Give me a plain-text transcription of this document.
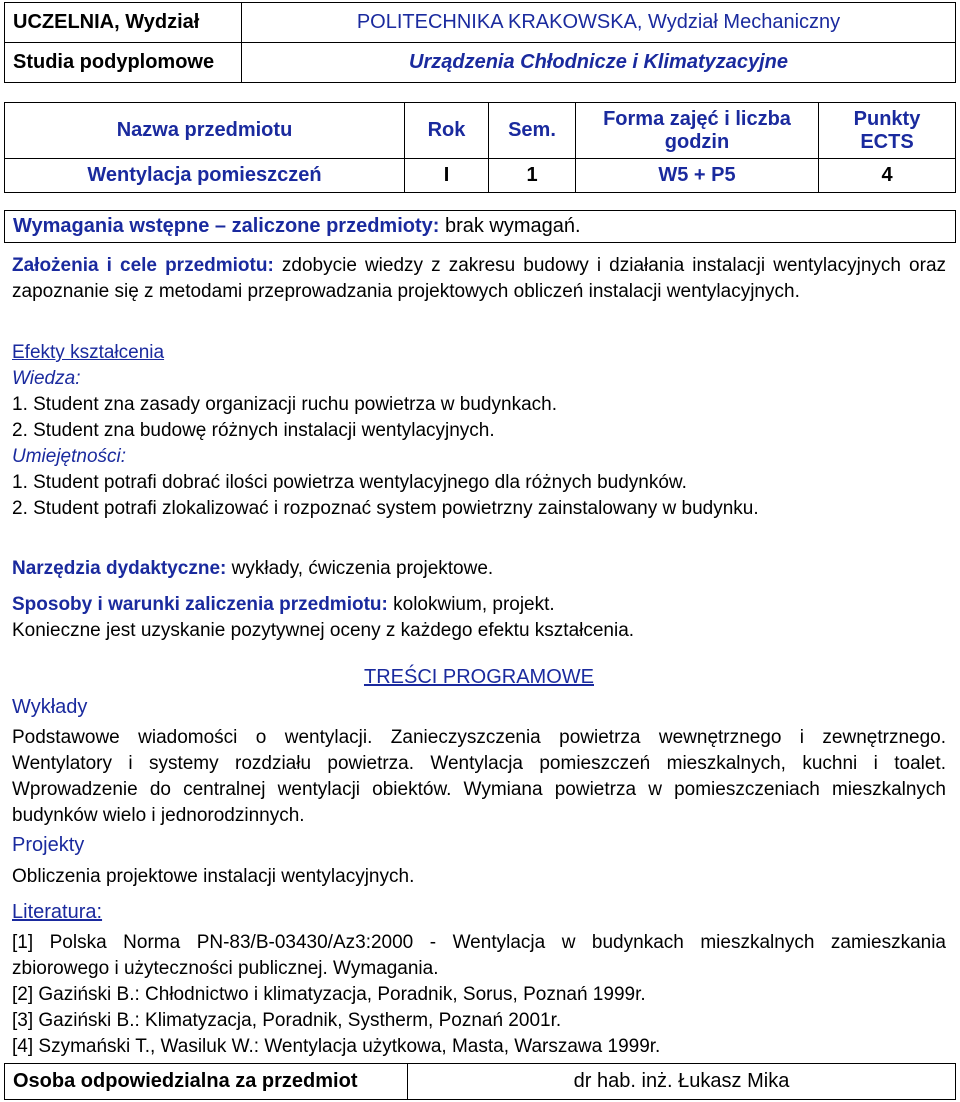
UCZELNIA, Wydział	POLITECHNIKA KRAKOWSKA, Wydział Mechaniczny
Studia podyplomowe	Urządzenia Chłodnicze i Klimatyzacyjne
Nazwa przedmiotu	Rok	Sem.	Forma zajęć i liczba godzin	Punkty ECTS
Wentylacja pomieszczeń	I	1	W5 + P5	4
Wymagania wstępne – zaliczone przedmioty: brak wymagań.
Założenia i cele przedmiotu: zdobycie wiedzy z zakresu budowy i działania instalacji wentylacyjnych oraz zapoznanie się z metodami przeprowadzania projektowych obliczeń instalacji wentylacyjnych.
Efekty kształcenia
Wiedza:
1. Student zna zasady organizacji ruchu powietrza w budynkach.
2. Student zna budowę różnych instalacji wentylacyjnych.
Umiejętności:
1. Student potrafi dobrać ilości powietrza wentylacyjnego dla różnych budynków.
2. Student potrafi zlokalizować i rozpoznać system powietrzny zainstalowany w budynku.
Narzędzia dydaktyczne: wykłady, ćwiczenia projektowe.
Sposoby i warunki zaliczenia przedmiotu: kolokwium, projekt.
Konieczne jest uzyskanie pozytywnej oceny z każdego efektu kształcenia.
TREŚCI PROGRAMOWE
Wykłady
Podstawowe wiadomości o wentylacji. Zanieczyszczenia powietrza wewnętrznego i zewnętrznego. Wentylatory i systemy rozdziału powietrza. Wentylacja pomieszczeń mieszkalnych, kuchni i toalet. Wprowadzenie do centralnej wentylacji obiektów. Wymiana powietrza w pomieszczeniach mieszkalnych budynków wielo i jednorodzinnych.
Projekty
Obliczenia projektowe instalacji wentylacyjnych.
Literatura:
[1] Polska Norma PN-83/B-03430/Az3:2000 - Wentylacja w budynkach mieszkalnych zamieszkania zbiorowego i użyteczności publicznej. Wymagania.
[2] Gaziński B.: Chłodnictwo i klimatyzacja, Poradnik, Sorus, Poznań 1999r.
[3] Gaziński B.: Klimatyzacja, Poradnik, Systherm, Poznań 2001r.
[4] Szymański T., Wasiluk W.: Wentylacja użytkowa, Masta, Warszawa 1999r.
Osoba odpowiedzialna za przedmiot	dr hab. inż. Łukasz Mika
